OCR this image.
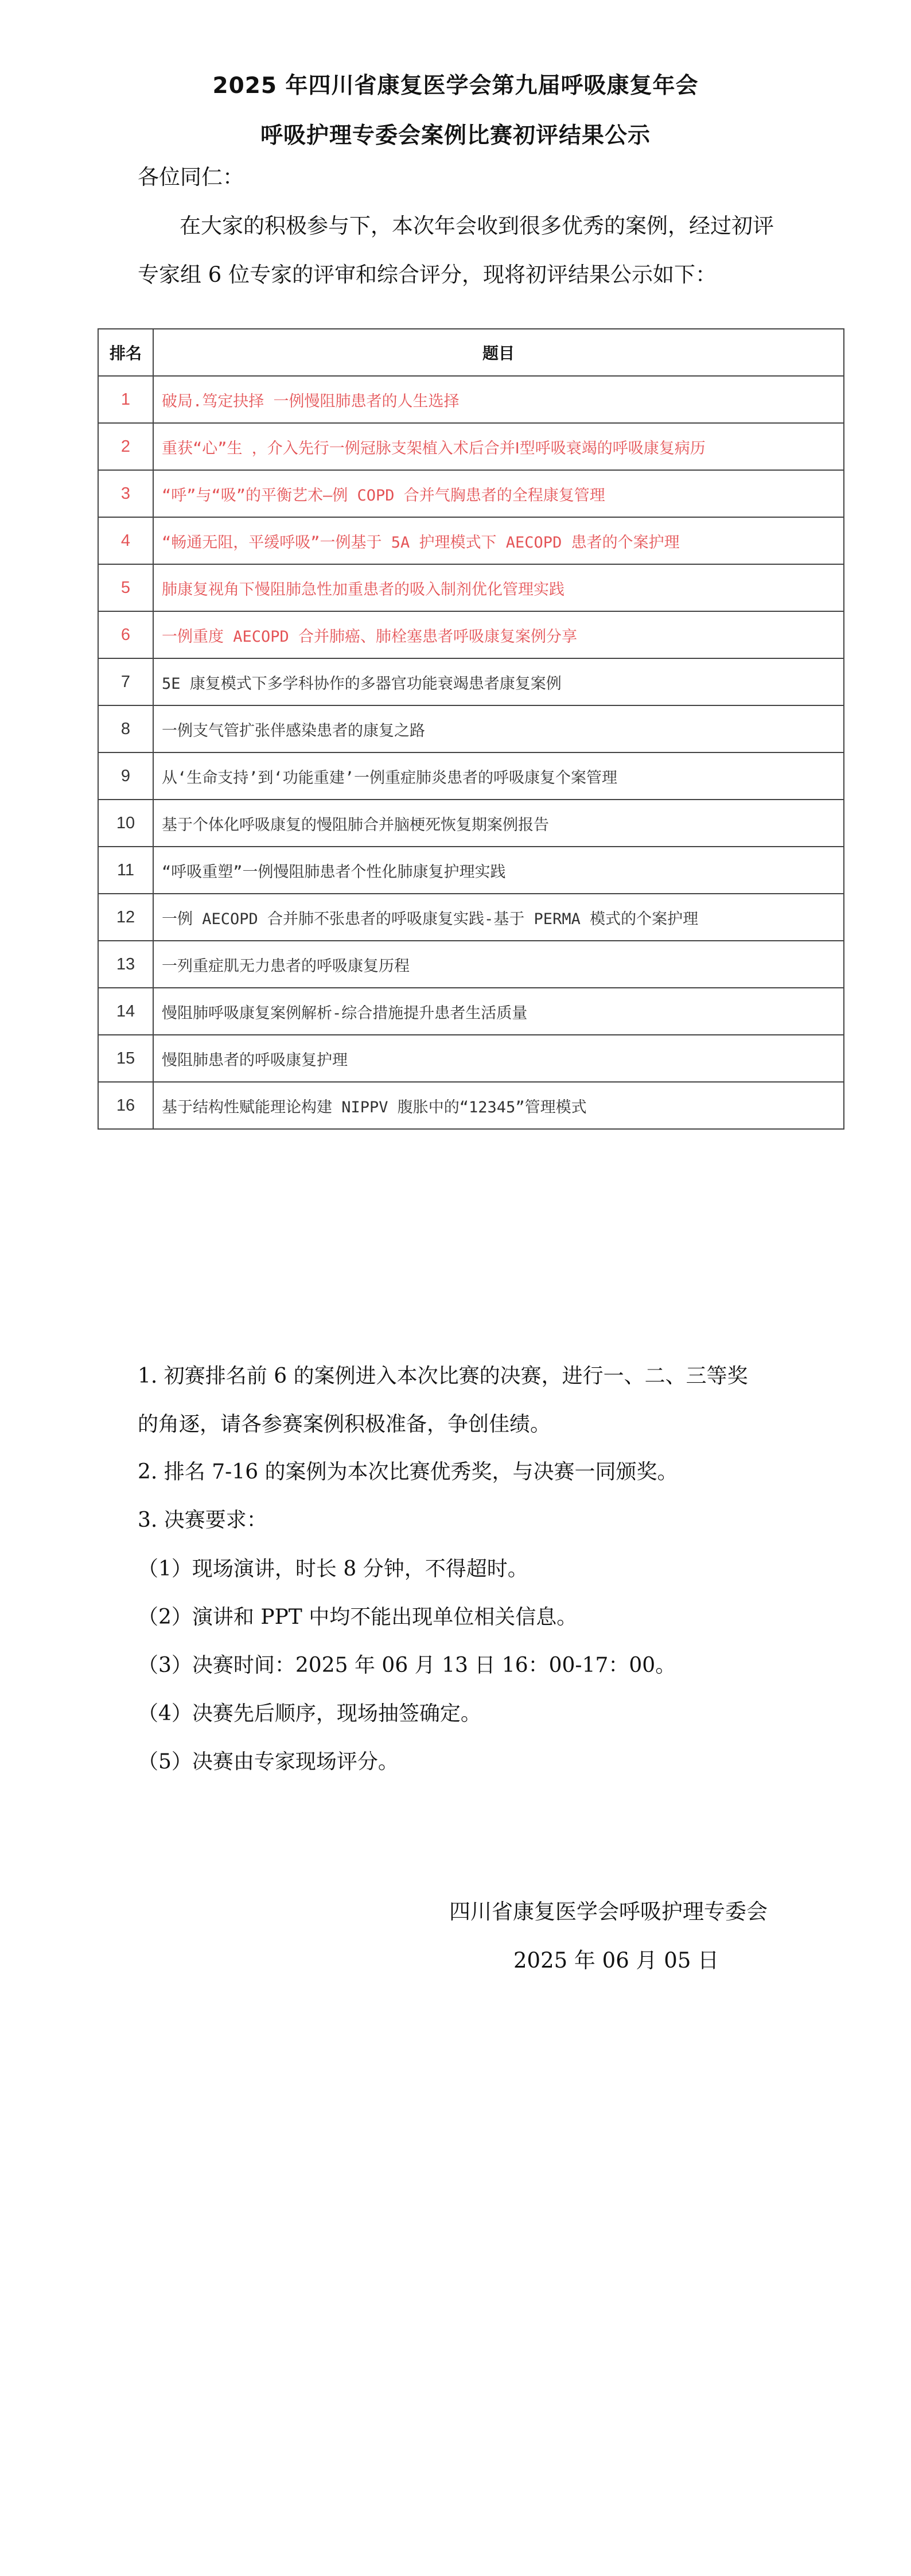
2025 年四川省康复医学会第九届呼吸康复年会
呼吸护理专委会案例比赛初评结果公示
各位同仁：
在大家的积极参与下，本次年会收到很多优秀的案例，经过初评
专家组 6 位专家的评审和综合评分，现将初评结果公示如下：
排名	题目
1	破局.笃定抉择 一例慢阻肺患者的人生选择
2	重获“心”生 ，介入先行一例冠脉支架植入术后合并Ⅰ型呼吸衰竭的呼吸康复病历
3	“呼”与“吸”的平衡艺术—例 COPD 合并气胸患者的全程康复管理
4	“畅通无阻，平缓呼吸”一例基于 5A 护理模式下 AECOPD 患者的个案护理
5	肺康复视角下慢阻肺急性加重患者的吸入制剂优化管理实践
6	一例重度 AECOPD 合并肺癌、肺栓塞患者呼吸康复案例分享
7	5E 康复模式下多学科协作的多器官功能衰竭患者康复案例
8	一例支气管扩张伴感染患者的康复之路
9	从‘生命支持’到‘功能重建’一例重症肺炎患者的呼吸康复个案管理
10	基于个体化呼吸康复的慢阻肺合并脑梗死恢复期案例报告
11	“呼吸重塑”一例慢阻肺患者个性化肺康复护理实践
12	一例 AECOPD 合并肺不张患者的呼吸康复实践-基于 PERMA 模式的个案护理
13	一列重症肌无力患者的呼吸康复历程
14	慢阻肺呼吸康复案例解析-综合措施提升患者生活质量
15	慢阻肺患者的呼吸康复护理
16	基于结构性赋能理论构建 NIPPV 腹胀中的“12345”管理模式
1. 初赛排名前 6 的案例进入本次比赛的决赛，进行一、二、三等奖
的角逐，请各参赛案例积极准备，争创佳绩。
2. 排名 7-16 的案例为本次比赛优秀奖，与决赛一同颁奖。
3. 决赛要求：
（1）现场演讲，时长 8 分钟，不得超时。
（2）演讲和 PPT 中均不能出现单位相关信息。
（3）决赛时间：2025 年 06 月 13 日 16：00-17：00。
（4）决赛先后顺序，现场抽签确定。
（5）决赛由专家现场评分。
四川省康复医学会呼吸护理专委会
2025 年 06 月 05 日
